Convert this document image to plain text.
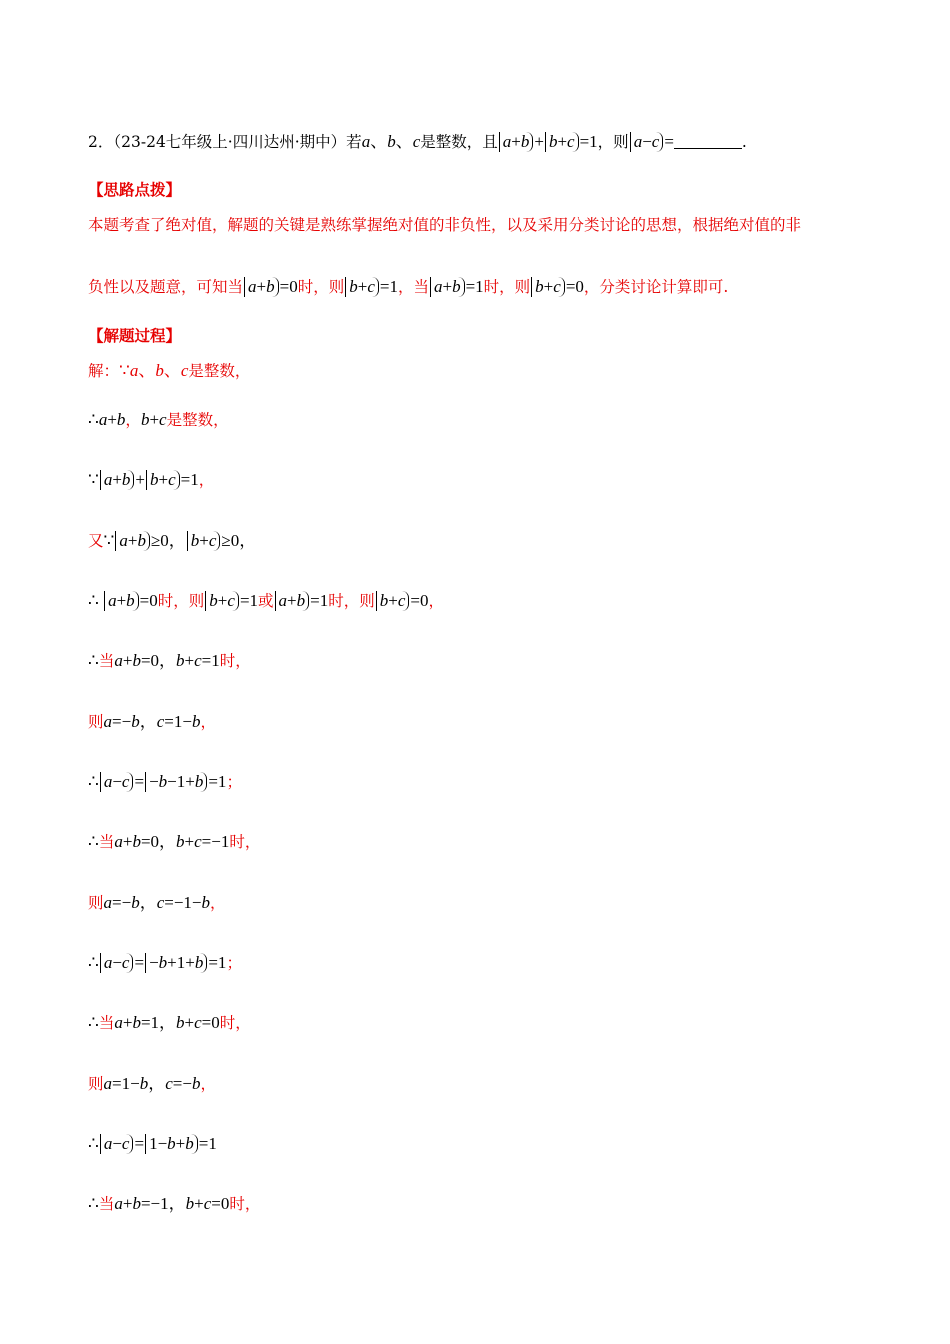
2．（23-24七年级上·四川达州·期中）若a、b、c是整数，且 a+b + b+c =1，则 a−c =	.
【思路点拨】
本题考查了绝对值，解题的关键是熟练掌握绝对值的非负性，以及采用分类讨论的思想，根据绝对值的非
负性以及题意，可知当 a+b =0时，则 b+c =1，当 a+b =1时，则 b+c =0，分类讨论计算即可.
【解题过程】
解：∵a、b、c是整数，
∴a+b，b+c是整数，
∵ a+b + b+c =1，
又∵ a+b ≥0， b+c ≥0，
∴ a+b =0时，则 b+c =1或 a+b =1时，则 b+c =0，
∴当a+b=0，b+c=1时，
则a=−b，c=1−b，
∴ a−c = −b−1+b =1；
∴当a+b=0，b+c=−1时，
则a=−b，c=−1−b，
∴ a−c = −b+1+b =1；
∴当a+b=1，b+c=0时，
则a=1−b，c=−b，
∴ a−c = 1−b+b =1
∴当a+b=−1，b+c=0时，
